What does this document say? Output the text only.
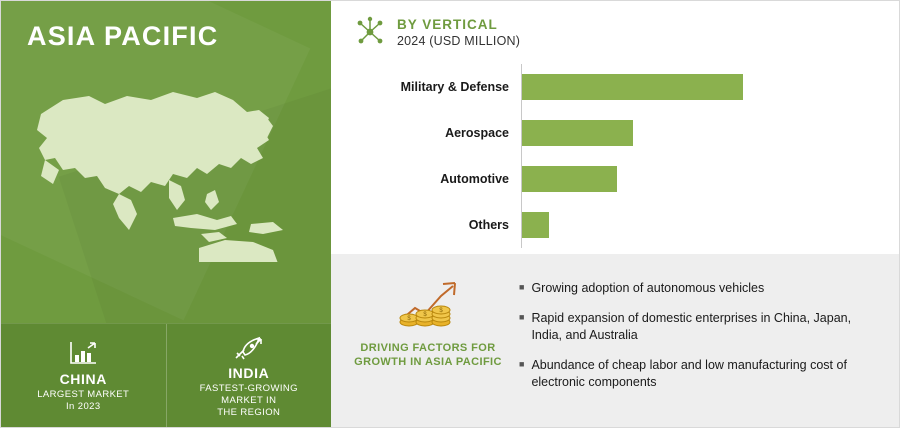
ASIA PACIFIC
CHINA
LARGEST MARKET
In 2023
INDIA
FASTEST-GROWING MARKET IN
THE REGION
BY VERTICAL
2024 (USD MILLION)
Military & Defense
Aerospace
Automotive
Others
$
$
$
DRIVING FACTORS FOR GROWTH IN ASIA PACIFIC
■ Growing adoption of autonomous vehicles
■ Rapid expansion of domestic enterprises in China, Japan, India, and Australia
■ Abundance of cheap labor and low manufacturing cost of electronic components
